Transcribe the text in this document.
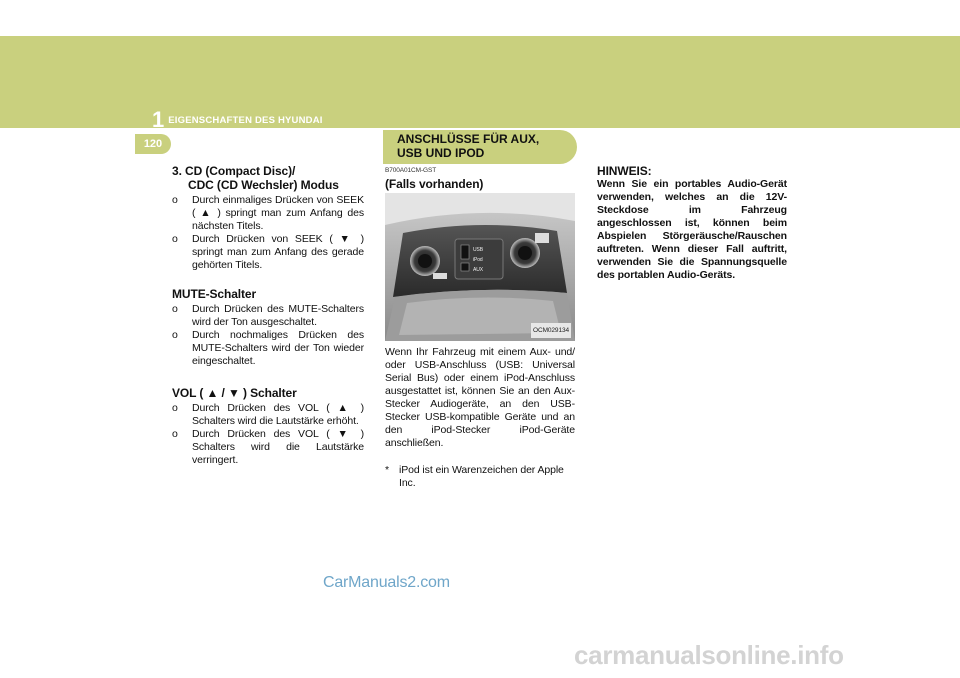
1 EIGENSCHAFTEN DES HYUNDAI
120	ANSCHLÜSSE FÜR AUX,
USB UND IPOD
3. CD (Compact Disc)/
CDC (CD Wechsler) Modus
o Durch einmaliges Drücken von SEEK ( ▲ ) springt man zum Anfang des nächsten Titels.
o Durch Drücken von SEEK ( ▼ ) springt man zum Anfang des gerade gehörten Titels.
MUTE-Schalter
o Durch Drücken des MUTE-Schalters wird der Ton ausgeschaltet.
o Durch nochmaliges Drücken des MUTE-Schalters wird der Ton wieder eingeschaltet.
VOL ( ▲ / ▼ ) Schalter
o Durch Drücken des VOL ( ▲ ) Schalters wird die Lautstärke erhöht.
o Durch Drücken des VOL ( ▼ ) Schalters wird die Lautstärke verringert.
B700A01CM-GST
(Falls vorhanden)
USB
iPod
AUX
OCM029134
Wenn Ihr Fahrzeug mit einem Aux- und/ oder USB-Anschluss (USB: Universal Serial Bus) oder einem iPod-Anschluss ausgestattet ist, können Sie an den Aux-Stecker Audiogeräte, an den USB-Stecker USB-kompatible Geräte und an den iPod-Stecker iPod-Geräte anschließen.
* iPod ist ein Warenzeichen der Apple Inc.
HINWEIS:

Wenn Sie ein portables Audio-Gerät verwenden, welches an die 12V-Steckdose im Fahrzeug angeschlossen ist, können beim Abspielen Störgeräusche/Rauschen auftreten. Wenn dieser Fall auftritt, verwenden Sie die Spannungsquelle des portablen Audio-Geräts.

CarManuals2.com
carmanualsonline.info
